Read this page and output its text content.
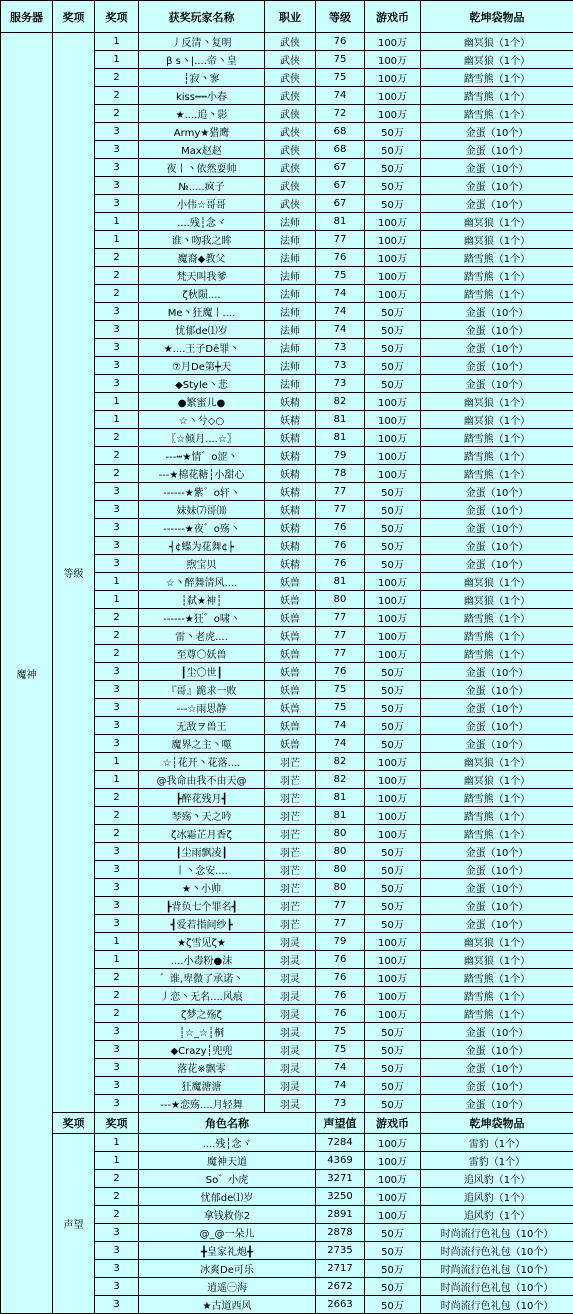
服务器	奖项	奖项	获奖玩家名称	职业	等级	游戏币	乾坤袋物品
魔神	等级	1	丿反清丶复明	武侠	76	100万	幽冥狼（1个）
		1	β s丶|....帝丶皇	武侠	75	100万	幽冥狼（1个）
		2	┆寂丶寥	武侠	75	100万	踏雪熊（1个）
		2	kiss┅┅小春	武侠	74	100万	踏雪熊（1个）
		2	★....追丶影	武侠	72	100万	踏雪熊（1个）
		3	Army★猎鹰	武侠	68	50万	金蛋（10个）
		3	Max赵赵	武侠	68	50万	金蛋（10个）
		3	夜丨丶依然耍帅	武侠	67	50万	金蛋（10个）
		3	№.....疯子	武侠	67	50万	金蛋（10个）
		3	小伟☆哥哥	武侠	67	50万	金蛋（10个）
		1	....残┆念ヾ	法师	81	100万	幽冥狼（1个）
		1	谁丶吻我之眸	法师	77	100万	幽冥狼（1个）
		2	魔裔◆教父	法师	76	100万	踏雪熊（1个）
		2	梵天叫我爹	法师	75	100万	踏雪熊（1个）
		2	ζ秋陨....	法师	74	100万	踏雪熊（1个）
		3	Me丶狂魔丨....	法师	74	50万	金蛋（10个）
		3	忧郁de⑴岁	法师	74	50万	金蛋（10个）
		3	★....王子Dē罪丶	法师	73	50万	金蛋（10个）
		3	⑦月De第┿天	法师	73	50万	金蛋（10个）
		3	◆Style丶悲	法师	73	50万	金蛋（10个）
		1	●繁蜜儿●	妖精	82	100万	幽冥狼（1个）
		1	☆丶兮◇○	妖精	81	100万	幽冥狼（1个）
		2	〖☆倾月....☆〗	妖精	81	100万	踏雪熊（1个）
		2	---┅★情゛o涩丶	妖精	79	100万	踏雪熊（1个）
		2	---★棉花糖┆小甜心	妖精	78	100万	踏雪熊（1个）
		3	------★紫゛o轩丶	妖精	77	50万	金蛋（10个）
		3	妹妹⑺哥⑽	妖精	77	50万	金蛋（10个）
		3	------★夜゛o殇丶	妖精	76	50万	金蛋（10个）
		3	┥¢蝶为花舞¢┝	妖精	76	50万	金蛋（10个）
		3	煦宝贝	妖精	76	50万	金蛋（10个）
		1	☆丶醉舞清风....	妖兽	81	100万	幽冥狼（1个）
		1	┆弑★神┆	妖兽	80	100万	幽冥狼（1个）
		2	------★狂゛o啸丶	妖兽	77	100万	踏雪熊（1个）
		2	雷丶老虎....	妖兽	77	100万	踏雪熊（1个）
		2	至尊〇妖兽	妖兽	77	100万	踏雪熊（1个）
		3	┃尘〇世┃	妖兽	76	50万	金蛋（10个）
		3	『哥』跪求一败	妖兽	75	50万	金蛋（10个）
		3	---☆雨思静	妖兽	75	50万	金蛋（10个）
		3	无敌ヲ兽王	妖兽	74	50万	金蛋（10个）
		3	魔界之主丶噬	妖兽	74	50万	金蛋（10个）
		1	☆┆花开丶花落....	羽芒	82	100万	幽冥狼（1个）
		1	@我命由我不由天@	羽芒	82	100万	幽冥狼（1个）
		2	┣醉花残月┫	羽芒	81	100万	踏雪熊（1个）
		2	琴殇丶天之吟	羽芒	81	100万	踏雪熊（1个）
		2	ζ冰霜芷月香ζ	羽芒	80	100万	踏雪熊（1个）
		3	┃尘雨飘凌┃	羽芒	80	50万	金蛋（10个）
		3	丨丶念安....	羽芒	80	50万	金蛋（10个）
		3	★丶小帅	羽芒	80	50万	金蛋（10个）
		3	┣背负七个罪名┫	羽芒	77	50万	金蛋（10个）
		3	┫爱若指间纱┣	羽芒	77	50万	金蛋（10个）
		1	★ζ雪见ζ★	羽灵	79	100万	幽冥狼（1个）
		1	....小毒粉●沫	羽灵	76	100万	幽冥狼（1个）
		2	゛谁,卑微了承诺丶	羽灵	76	100万	踏雪熊（1个）
		2	丿恋丶无名....风痕	羽灵	76	100万	踏雪熊（1个）
		2	ζ梦之殇ζ	羽灵	76	100万	踏雪熊（1个）
		3	┆☆_☆┆桐	羽灵	75	50万	金蛋（10个）
		3	◆Crazy┆兜兜	羽灵	75	50万	金蛋（10个）
		3	落花※飘零	羽灵	74	50万	金蛋（10个）
		3	狂魔溏溏	羽灵	74	50万	金蛋（10个）
		3	---★恋殇....月轻舞	羽灵	73	50万	金蛋（10个）
	奖项	奖项	角色名称		声望值	游戏币	乾坤袋物品
	声望	1	....残┆念ヾ		7284	100万	雷豹（1个）
		1	魔神天道		4369	100万	雷豹（1个）
		2	So゛小虎		3271	100万	追风豹（1个）
		2	忧郁de⑴岁		3250	100万	追风豹（1个）
		2	拿钱救你2		2891	100万	追风豹（1个）
		3	@_@一朵儿		2878	50万	时尚流行色礼包（10个）
		3	╋皇家礼炮╋		2735	50万	时尚流行色礼包（10个）
		3	冰爽De可乐		2717	50万	时尚流行色礼包（10个）
		3	逍遥㊀海		2672	50万	时尚流行色礼包（10个）
		3	★古道西风		2663	50万	时尚流行色礼包（10个）
